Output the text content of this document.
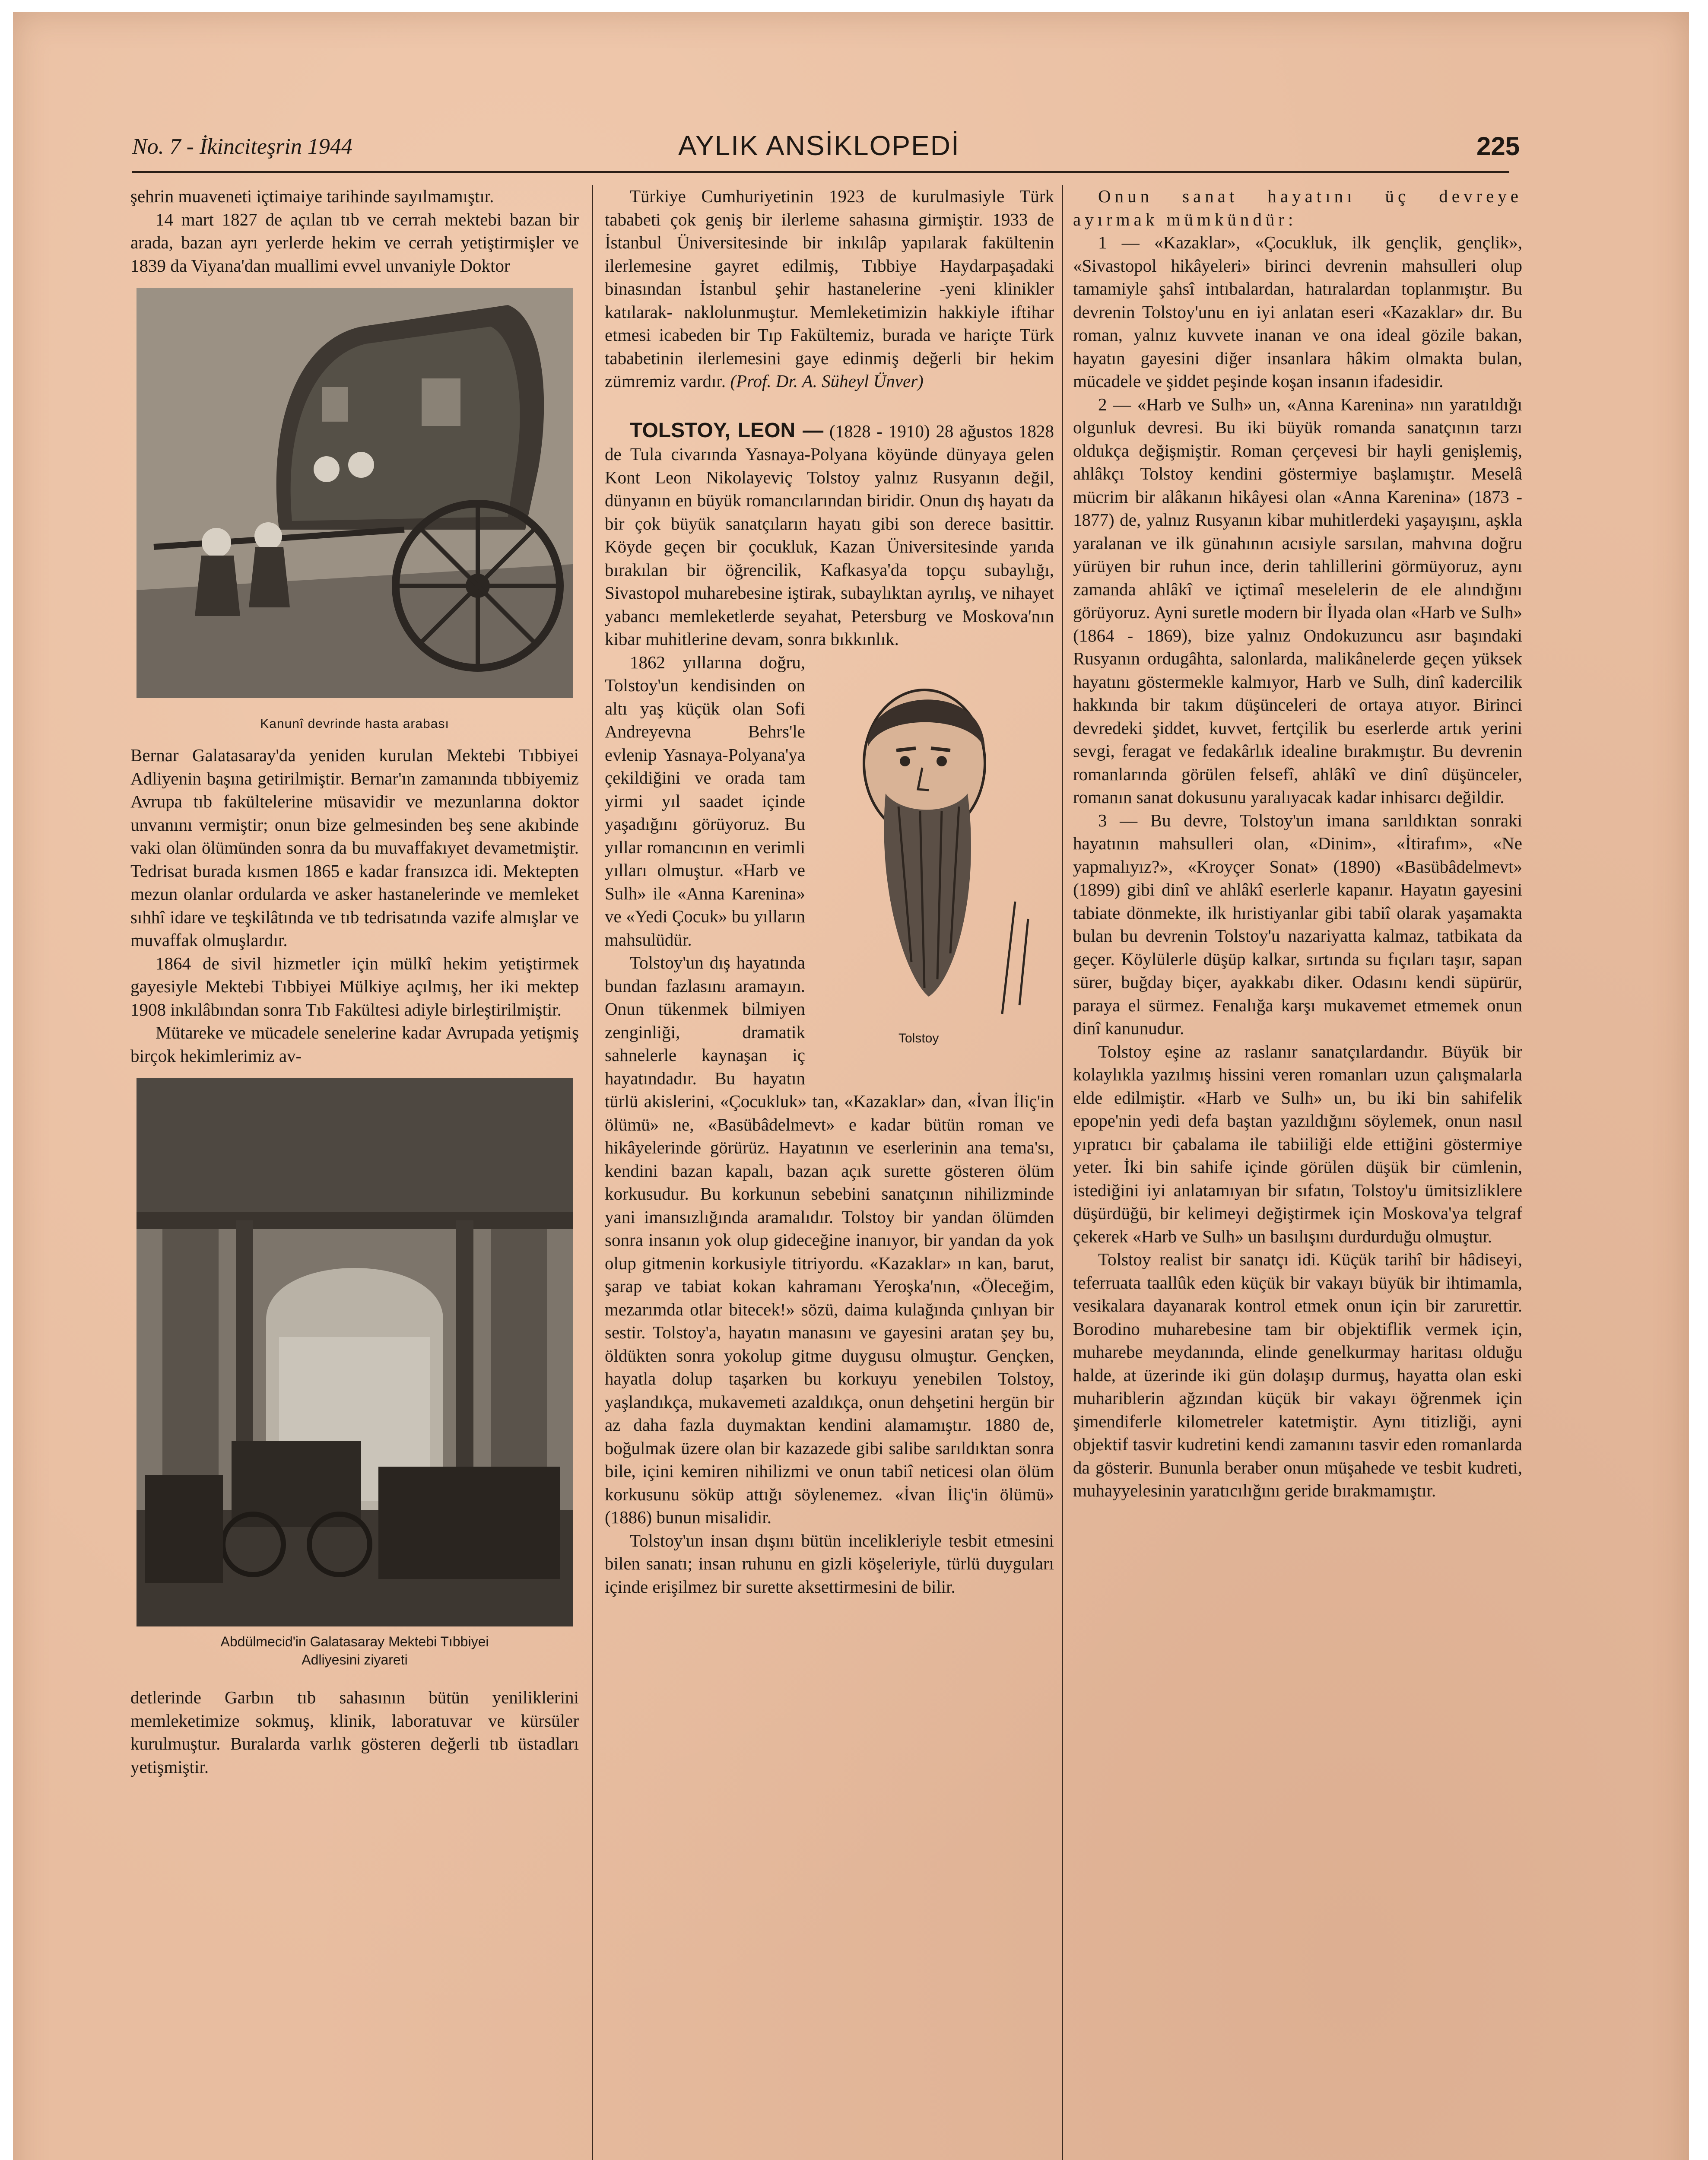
No. 7 - İkinciteşrin 1944	AYLIK ANSİKLOPEDİ	225

şehrin muaveneti içtimaiye tarihinde sayılmamıştır.

14 mart 1827 de açılan tıb ve cerrah mektebi bazan bir arada, bazan ayrı yerlerde hekim ve cerrah yetiştirmişler ve 1839 da Viyana'dan muallimi evvel unvaniyle Doktor

Kanunî devrinde hasta arabası

Bernar Galatasaray'da yeniden kurulan Mektebi Tıbbiyei Adliyenin başına getirilmiştir. Bernar'ın zamanında tıbbiyemiz Avrupa tıb fakültelerine müsavidir ve mezunlarına doktor unvanını vermiştir; onun bize gelmesinden beş sene akıbinde vaki olan ölümünden sonra da bu muvaffakıyet devametmiştir. Tedrisat burada kısmen 1865 e kadar fransızca idi. Mektepten mezun olanlar ordularda ve asker hastanelerinde ve memleket sıhhî idare ve teşkilâtında ve tıb tedrisatında vazife almışlar ve muvaffak olmuşlardır.

1864 de sivil hizmetler için mülkî hekim yetiştirmek gayesiyle Mektebi Tıbbiyei Mülkiye açılmış, her iki mektep 1908 inkılâbından sonra Tıb Fakültesi adiyle birleştirilmiştir.

Mütareke ve mücadele senelerine kadar Avrupada yetişmiş birçok hekimlerimiz av-

Abdülmecid'in Galatasaray Mektebi Tıbbiyei
Adliyesini ziyareti

detlerinde Garbın tıb sahasının bütün yeniliklerini memleketimize sokmuş, klinik, laboratuvar ve kürsüler kurulmuştur. Buralarda varlık gösteren değerli tıb üstadları yetişmiştir.

Türkiye Cumhuriyetinin 1923 de kurulmasiyle Türk tababeti çok geniş bir ilerleme sahasına girmiştir. 1933 de İstanbul Üniversitesinde bir inkılâp yapılarak fakültenin ilerlemesine gayret edilmiş, Tıbbiye Haydarpaşadaki binasından İstanbul şehir hastanelerine -yeni klinikler katılarak- naklolunmuştur. Memleketimizin hakkiyle iftihar etmesi icabeden bir Tıp Fakültemiz, burada ve hariçte Türk tababetinin ilerlemesini gaye edinmiş değerli bir hekim zümremiz vardır. (Prof. Dr. A. Süheyl Ünver)

TOLSTOY, LEON — (1828 - 1910) 28 ağustos 1828 de Tula civarında Yasnaya-Polyana köyünde dünyaya gelen Kont Leon Nikolayeviç Tolstoy yalnız Rusyanın değil, dünyanın en büyük romancılarından biridir. Onun dış hayatı da bir çok büyük sanatçıların hayatı gibi son derece basittir. Köyde geçen bir çocukluk, Kazan Üniversitesinde yarıda bırakılan bir öğrencilik, Kafkasya'da topçu subaylığı, Sivastopol muharebesine iştirak, subaylıktan ayrılış, ve nihayet yabancı memleketlerde seyahat, Petersburg ve Moskova'nın kibar muhitlerine devam, sonra bıkkınlık.

Tolstoy

1862 yıllarına doğru, Tolstoy'un kendisinden on altı yaş küçük olan Sofi Andreyevna Behrs'le evlenip Yasnaya-Polyana'ya çekildiğini ve orada tam yirmi yıl saadet içinde yaşadığını görüyoruz. Bu yıllar romancının en verimli yılları olmuştur. «Harb ve Sulh» ile «Anna Karenina» ve «Yedi Çocuk» bu yılların mahsulüdür.

Tolstoy'un dış hayatında bundan fazlasını aramayın. Onun tükenmek bilmiyen zenginliği, dramatik sahnelerle kaynaşan iç hayatındadır. Bu hayatın türlü akislerini, «Çocukluk» tan, «Kazaklar» dan, «İvan İliç'in ölümü» ne, «Basübâdelmevt» e kadar bütün roman ve hikâyelerinde görürüz. Hayatının ve eserlerinin ana tema'sı, kendini bazan kapalı, bazan açık surette gösteren ölüm korkusudur. Bu korkunun sebebini sanatçının nihilizminde yani imansızlığında aramalıdır. Tolstoy bir yandan ölümden sonra insanın yok olup gideceğine inanıyor, bir yandan da yok olup gitmenin korkusiyle titriyordu. «Kazaklar» ın kan, barut, şarap ve tabiat kokan kahramanı Yeroşka'nın, «Öleceğim, mezarımda otlar bitecek!» sözü, daima kulağında çınlıyan bir sestir. Tolstoy'a, hayatın manasını ve gayesini aratan şey bu, öldükten sonra yokolup gitme duygusu olmuştur. Gençken, hayatla dolup taşarken bu korkuyu yenebilen Tolstoy, yaşlandıkça, mukavemeti azaldıkça, onun dehşetini hergün bir az daha fazla duymaktan kendini alamamıştır. 1880 de, boğulmak üzere olan bir kazazede gibi salibe sarıldıktan sonra bile, içini kemiren nihilizmi ve onun tabiî neticesi olan ölüm korkusunu söküp attığı söylenemez. «İvan İliç'in ölümü» (1886) bunun misalidir.

Tolstoy'un insan dışını bütün incelikleriyle tesbit etmesini bilen sanatı; insan ruhunu en gizli köşeleriyle, türlü duyguları içinde erişilmez bir surette aksettirmesini de bilir.

Onun sanat hayatını üç devreye ayırmak mümkündür:

1 — «Kazaklar», «Çocukluk, ilk gençlik, gençlik», «Sivastopol hikâyeleri» birinci devrenin mahsulleri olup tamamiyle şahsî intıbalardan, hatıralardan toplanmıştır. Bu devrenin Tolstoy'unu en iyi anlatan eseri «Kazaklar» dır. Bu roman, yalnız kuvvete inanan ve ona ideal gözile bakan, hayatın gayesini diğer insanlara hâkim olmakta bulan, mücadele ve şiddet peşinde koşan insanın ifadesidir.

2 — «Harb ve Sulh» un, «Anna Karenina» nın yaratıldığı olgunluk devresi. Bu iki büyük romanda sanatçının tarzı oldukça değişmiştir. Roman çerçevesi bir hayli genişlemiş, ahlâkçı Tolstoy kendini göstermiye başlamıştır. Meselâ mücrim bir alâkanın hikâyesi olan «Anna Karenina» (1873 - 1877) de, yalnız Rusyanın kibar muhitlerdeki yaşayışını, aşkla yaralanan ve ilk günahının acısiyle sarsılan, mahvına doğru yürüyen bir ruhun ince, derin tahlillerini görmüyoruz, aynı zamanda ahlâkî ve içtimaî meselelerin de ele alındığını görüyoruz. Ayni suretle modern bir İlyada olan «Harb ve Sulh» (1864 - 1869), bize yalnız Ondokuzuncu asır başındaki Rusyanın ordugâhta, salonlarda, malikânelerde geçen yüksek hayatını göstermekle kalmıyor, Harb ve Sulh, dinî kadercilik hakkında bir takım düşünceleri de ortaya atıyor. Birinci devredeki şiddet, kuvvet, fertçilik bu eserlerde artık yerini sevgi, feragat ve fedakârlık idealine bırakmıştır. Bu devrenin romanlarında görülen felsefî, ahlâkî ve dinî düşünceler, romanın sanat dokusunu yaralıyacak kadar inhisarcı değildir.

3 — Bu devre, Tolstoy'un imana sarıldıktan sonraki hayatının mahsulleri olan, «Dinim», «İtirafım», «Ne yapmalıyız?», «Kroyçer Sonat» (1890) «Basübâdelmevt» (1899) gibi dinî ve ahlâkî eserlerle kapanır. Hayatın gayesini tabiate dönmekte, ilk hıristiyanlar gibi tabiî olarak yaşamakta bulan bu devrenin Tolstoy'u nazariyatta kalmaz, tatbikata da geçer. Köylülerle düşüp kalkar, sırtında su fıçıları taşır, sapan sürer, buğday biçer, ayakkabı diker. Odasını kendi süpürür, paraya el sürmez. Fenalığa karşı mukavemet etmemek onun dinî kanunudur.

Tolstoy eşine az raslanır sanatçılardandır. Büyük bir kolaylıkla yazılmış hissini veren romanları uzun çalışmalarla elde edilmiştir. «Harb ve Sulh» un, bu iki bin sahifelik epope'nin yedi defa baştan yazıldığını söylemek, onun nasıl yıpratıcı bir çabalama ile tabiiliği elde ettiğini göstermiye yeter. İki bin sahife içinde görülen düşük bir cümlenin, istediğini iyi anlatamıyan bir sıfatın, Tolstoy'u ümitsizliklere düşürdüğü, bir kelimeyi değiştirmek için Moskova'ya telgraf çekerek «Harb ve Sulh» un basılışını durdurduğu olmuştur.

Tolstoy realist bir sanatçı idi. Küçük tarihî bir hâdiseyi, teferruata taallûk eden küçük bir vakayı büyük bir ihtimamla, vesikalara dayanarak kontrol etmek onun için bir zarurettir. Borodino muharebesine tam bir objektiflik vermek için, muharebe meydanında, elinde genelkurmay haritası olduğu halde, at üzerinde iki gün dolaşıp durmuş, hayatta olan eski muhariblerin ağzından küçük bir vakayı öğrenmek için şimendiferle kilometreler katetmiştir. Aynı titizliği, ayni objektif tasvir kudretini kendi zamanını tasvir eden romanlarda da gösterir. Bununla beraber onun müşahede ve tesbit kudreti, muhayyelesinin yaratıcılığını geride bırakmamıştır.
